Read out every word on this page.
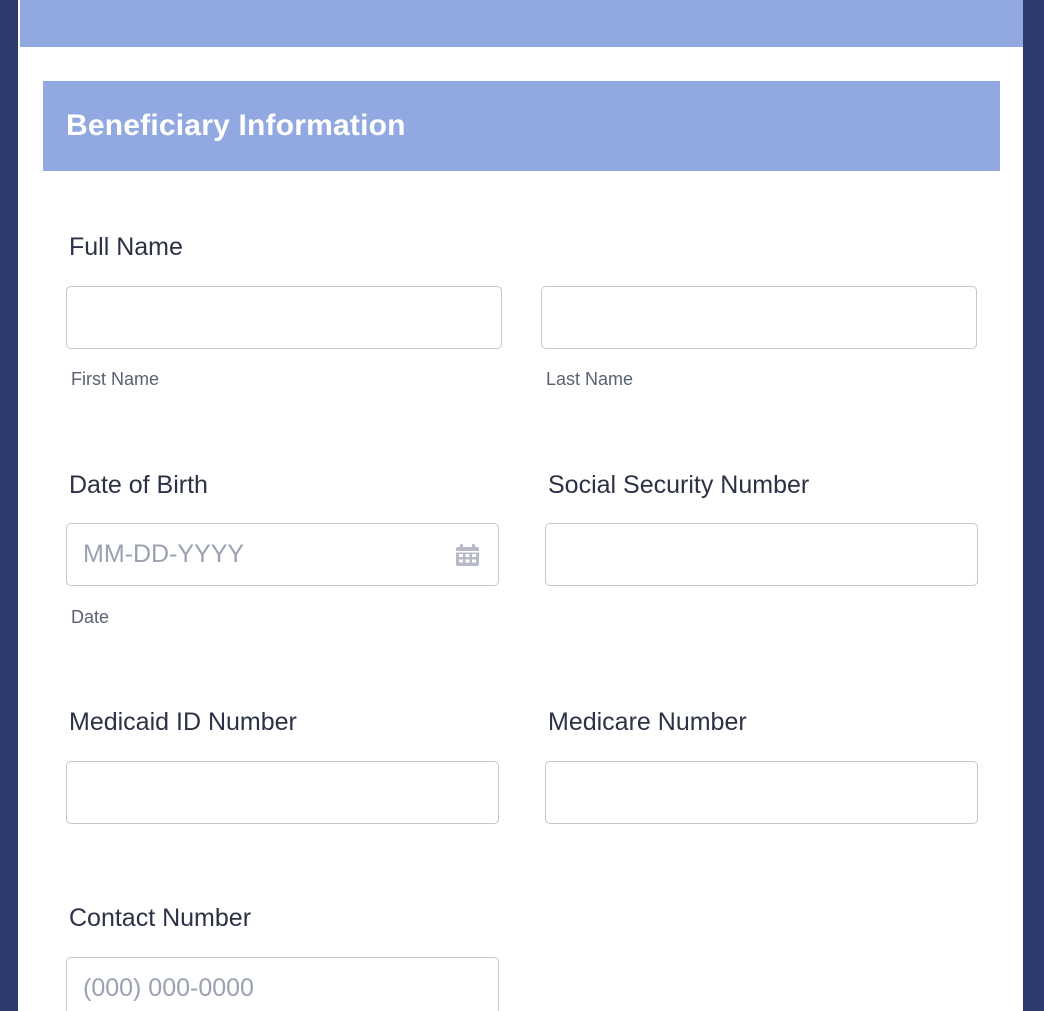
Beneficiary Information
Full Name
First Name	Last Name
Date of Birth
MM-DD-YYYY
Date
Social Security Number
Medicaid ID Number	Medicare Number
Contact Number
(000) 000-0000
